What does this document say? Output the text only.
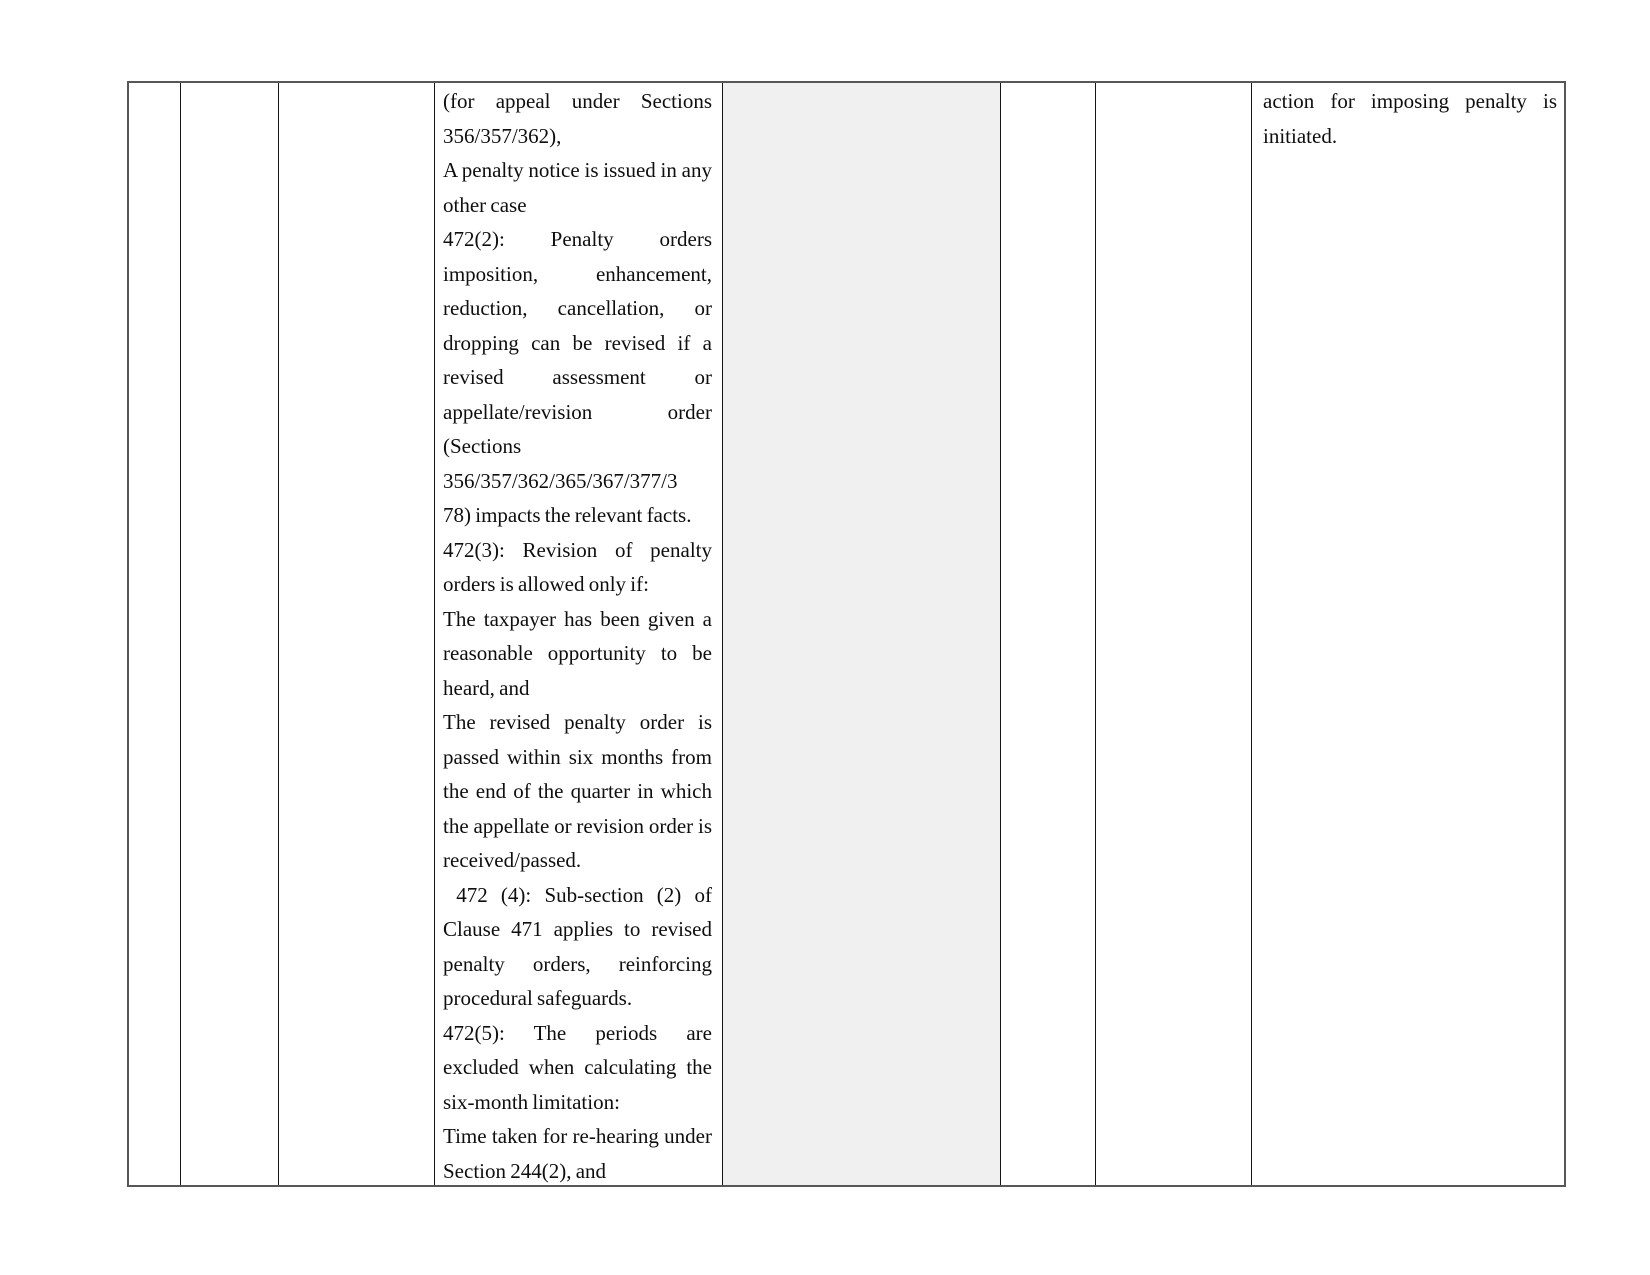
(for appeal under Sections
356/357/362),
A penalty notice is issued in any
other case
472(2): Penalty orders
imposition, enhancement,
reduction, cancellation, or
dropping can be revised if a
revised assessment or
appellate/revision order
(Sections
356/357/362/365/367/377/3
78) impacts the relevant facts.
472(3): Revision of penalty
orders is allowed only if:
The taxpayer has been given a
reasonable opportunity to be
heard, and
The revised penalty order is
passed within six months from
the end of the quarter in which
the appellate or revision order is
received/passed.
472 (4): Sub-section (2) of
Clause 471 applies to revised
penalty orders, reinforcing
procedural safeguards.
472(5): The periods are
excluded when calculating the
six-month limitation:
Time taken for re-hearing under
Section 244(2), and
action for imposing penalty is
initiated.
